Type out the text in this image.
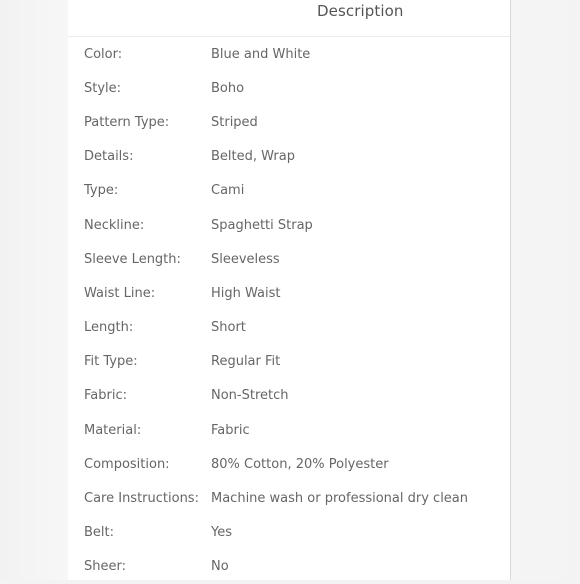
Description
Color:	Blue and White
Style:	Boho
Pattern Type:	Striped
Details:	Belted, Wrap
Type:	Cami
Neckline:	Spaghetti Strap
Sleeve Length:	Sleeveless
Waist Line:	High Waist
Length:	Short
Fit Type:	Regular Fit
Fabric:	Non-Stretch
Material:	Fabric
Composition:	80% Cotton, 20% Polyester
Care Instructions: Machine wash or professional dry clean
Belt:	Yes
Sheer:	No
